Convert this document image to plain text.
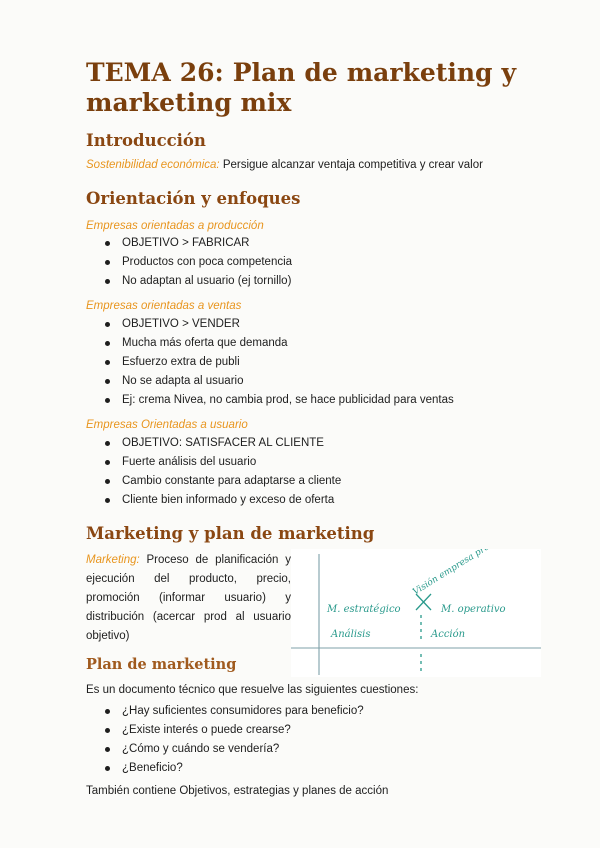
TEMA 26: Plan de marketing y marketing mix
Introducción

Sostenibilidad económica: Persigue alcanzar ventaja competitiva y crear valor

Orientación y enfoques

Empresas orientadas a producción

OBJETIVO > FABRICAR
Productos con poca competencia
No adaptan al usuario (ej tornillo)

Empresas orientadas a ventas

OBJETIVO > VENDER
Mucha más oferta que demanda
Esfuerzo extra de publi
No se adapta al usuario
Ej: crema Nivea, no cambia prod, se hace publicidad para ventas

Empresas Orientadas a usuario

OBJETIVO: SATISFACER AL CLIENTE
Fuerte análisis del usuario
Cambio constante para adaptarse a cliente
Cliente bien informado y exceso de oferta
Marketing y plan de marketing

Marketing: Proceso de planificación y ejecución del producto, precio, promoción (informar usuario) y distribución (acercar prod al usuario objetivo)

M. estratégico	M. operativo
Análisis	Acción
Visión empresa prod
Plan de marketing

Es un documento técnico que resuelve las siguientes cuestiones:

¿Hay suficientes consumidores para beneficio?
¿Existe interés o puede crearse?
¿Cómo y cuándo se vendería?
¿Beneficio?

También contiene Objetivos, estrategias y planes de acción
